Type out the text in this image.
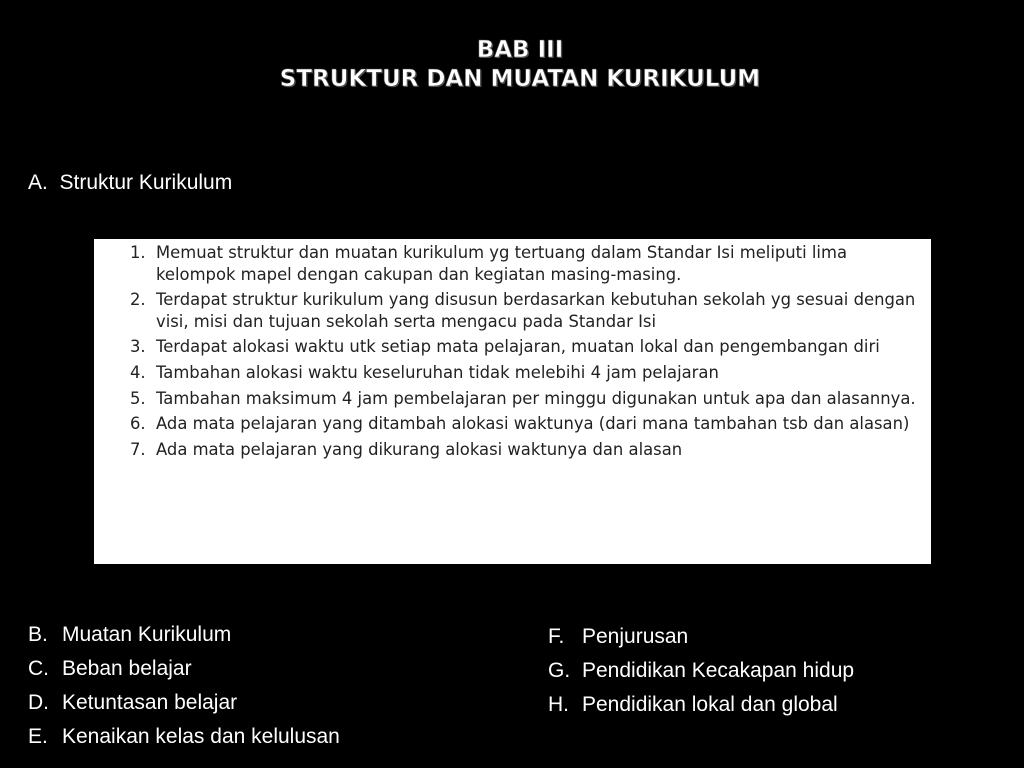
BAB III
STRUKTUR DAN MUATAN KURIKULUM
A. Struktur Kurikulum
1. Memuat struktur dan muatan kurikulum yg tertuang dalam Standar Isi meliputi lima kelompok mapel dengan cakupan dan kegiatan masing-masing.
2. Terdapat struktur kurikulum yang disusun berdasarkan kebutuhan sekolah yg sesuai dengan visi, misi dan tujuan sekolah serta mengacu pada Standar Isi
3. Terdapat alokasi waktu utk setiap mata pelajaran, muatan lokal dan pengembangan diri
4. Tambahan alokasi waktu keseluruhan tidak melebihi 4 jam pelajaran
5. Tambahan maksimum 4 jam pembelajaran per minggu digunakan untuk apa dan alasannya.
6. Ada mata pelajaran yang ditambah alokasi waktunya (dari mana tambahan tsb dan alasan)
7. Ada mata pelajaran yang dikurang alokasi waktunya dan alasan
B. Muatan Kurikulum
C. Beban belajar
D. Ketuntasan belajar
E. Kenaikan kelas dan kelulusan
F. Penjurusan
G. Pendidikan Kecakapan hidup
H. Pendidikan lokal dan global
